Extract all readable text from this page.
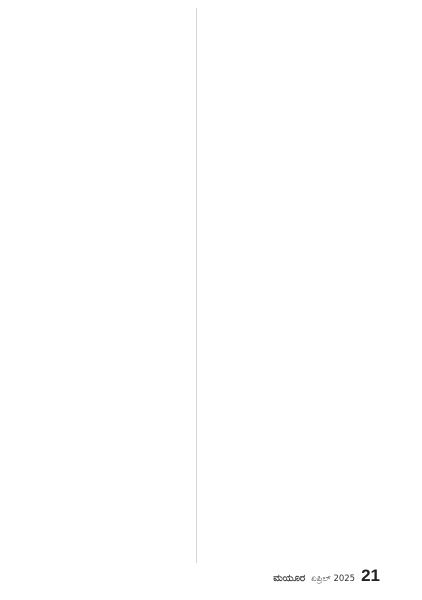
ಮಯೂರ ಏಪ್ರಿಲ್ 2025 21
